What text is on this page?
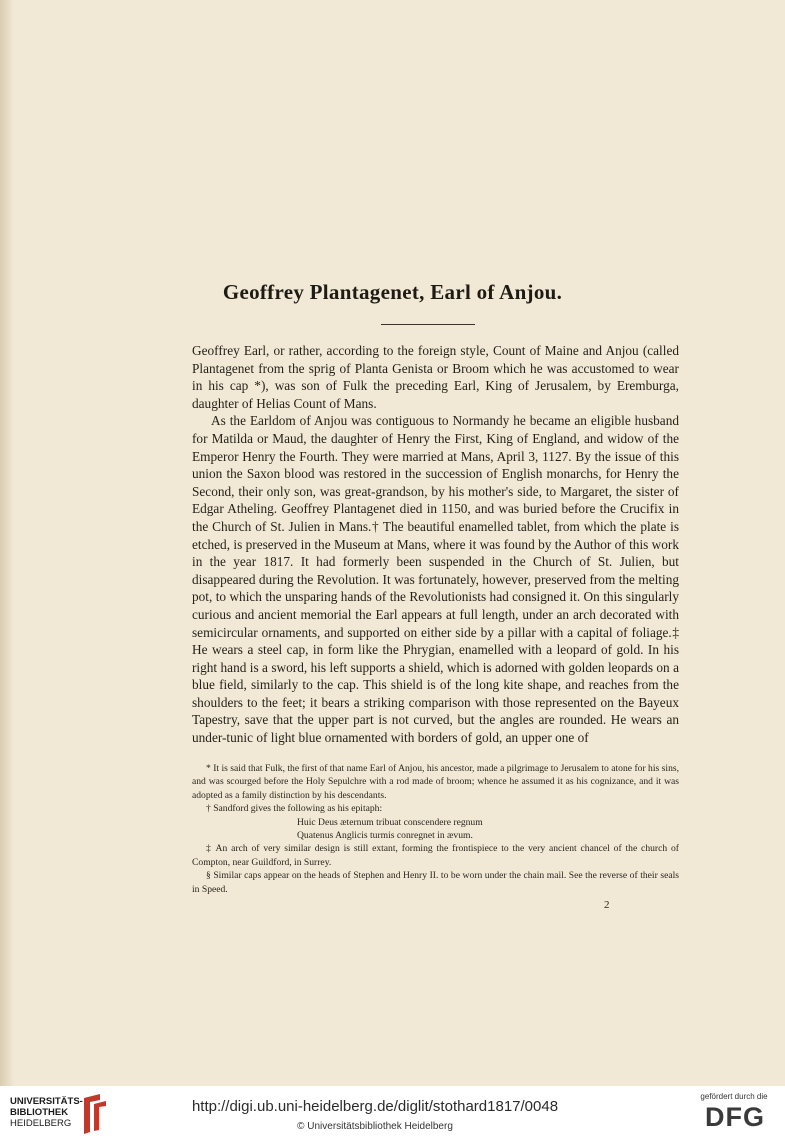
Geoffrey Plantagenet, Earl of Anjou.

Geoffrey Earl, or rather, according to the foreign style, Count of Maine and Anjou (called Plantagenet from the sprig of Planta Genista or Broom which he was accustomed to wear in his cap *), was son of Fulk the preceding Earl, King of Jerusalem, by Eremburga, daughter of Helias Count of Mans.

As the Earldom of Anjou was contiguous to Normandy he became an eligible husband for Matilda or Maud, the daughter of Henry the First, King of England, and widow of the Emperor Henry the Fourth. They were married at Mans, April 3, 1127. By the issue of this union the Saxon blood was restored in the succession of English monarchs, for Henry the Second, their only son, was great-grandson, by his mother's side, to Margaret, the sister of Edgar Atheling. Geoffrey Plantagenet died in 1150, and was buried before the Crucifix in the Church of St. Julien in Mans.† The beautiful enamelled tablet, from which the plate is etched, is preserved in the Museum at Mans, where it was found by the Author of this work in the year 1817. It had formerly been suspended in the Church of St. Julien, but disappeared during the Revolution. It was fortunately, however, preserved from the melting pot, to which the unsparing hands of the Revolutionists had consigned it. On this singularly curious and ancient memorial the Earl appears at full length, under an arch decorated with semicircular ornaments, and supported on either side by a pillar with a capital of foliage.‡ He wears a steel cap, in form like the Phrygian, enamelled with a leopard of gold. In his right hand is a sword, his left supports a shield, which is adorned with golden leopards on a blue field, similarly to the cap. This shield is of the long kite shape, and reaches from the shoulders to the feet; it bears a striking comparison with those represented on the Bayeux Tapestry, save that the upper part is not curved, but the angles are rounded. He wears an under-tunic of light blue ornamented with borders of gold, an upper one of

* It is said that Fulk, the first of that name Earl of Anjou, his ancestor, made a pilgrimage to Jerusalem to atone for his sins, and was scourged before the Holy Sepulchre with a rod made of broom; whence he assumed it as his cognizance, and it was adopted as a family distinction by his descendants.

† Sandford gives the following as his epitaph:

Huic Deus æternum tribuat conscendere regnum

Quatenus Anglicis turmis conregnet in ævum.

‡ An arch of very similar design is still extant, forming the frontispiece to the very ancient chancel of the church of Compton, near Guildford, in Surrey.

§ Similar caps appear on the heads of Stephen and Henry II. to be worn under the chain mail. See the reverse of their seals in Speed.

2
UNIVERSITÄTS-
BIBLIOTHEK
HEIDELBERG
http://digi.ub.uni-heidelberg.de/diglit/stothard1817/0048
© Universitätsbibliothek Heidelberg
gefördert durch die
DFG
